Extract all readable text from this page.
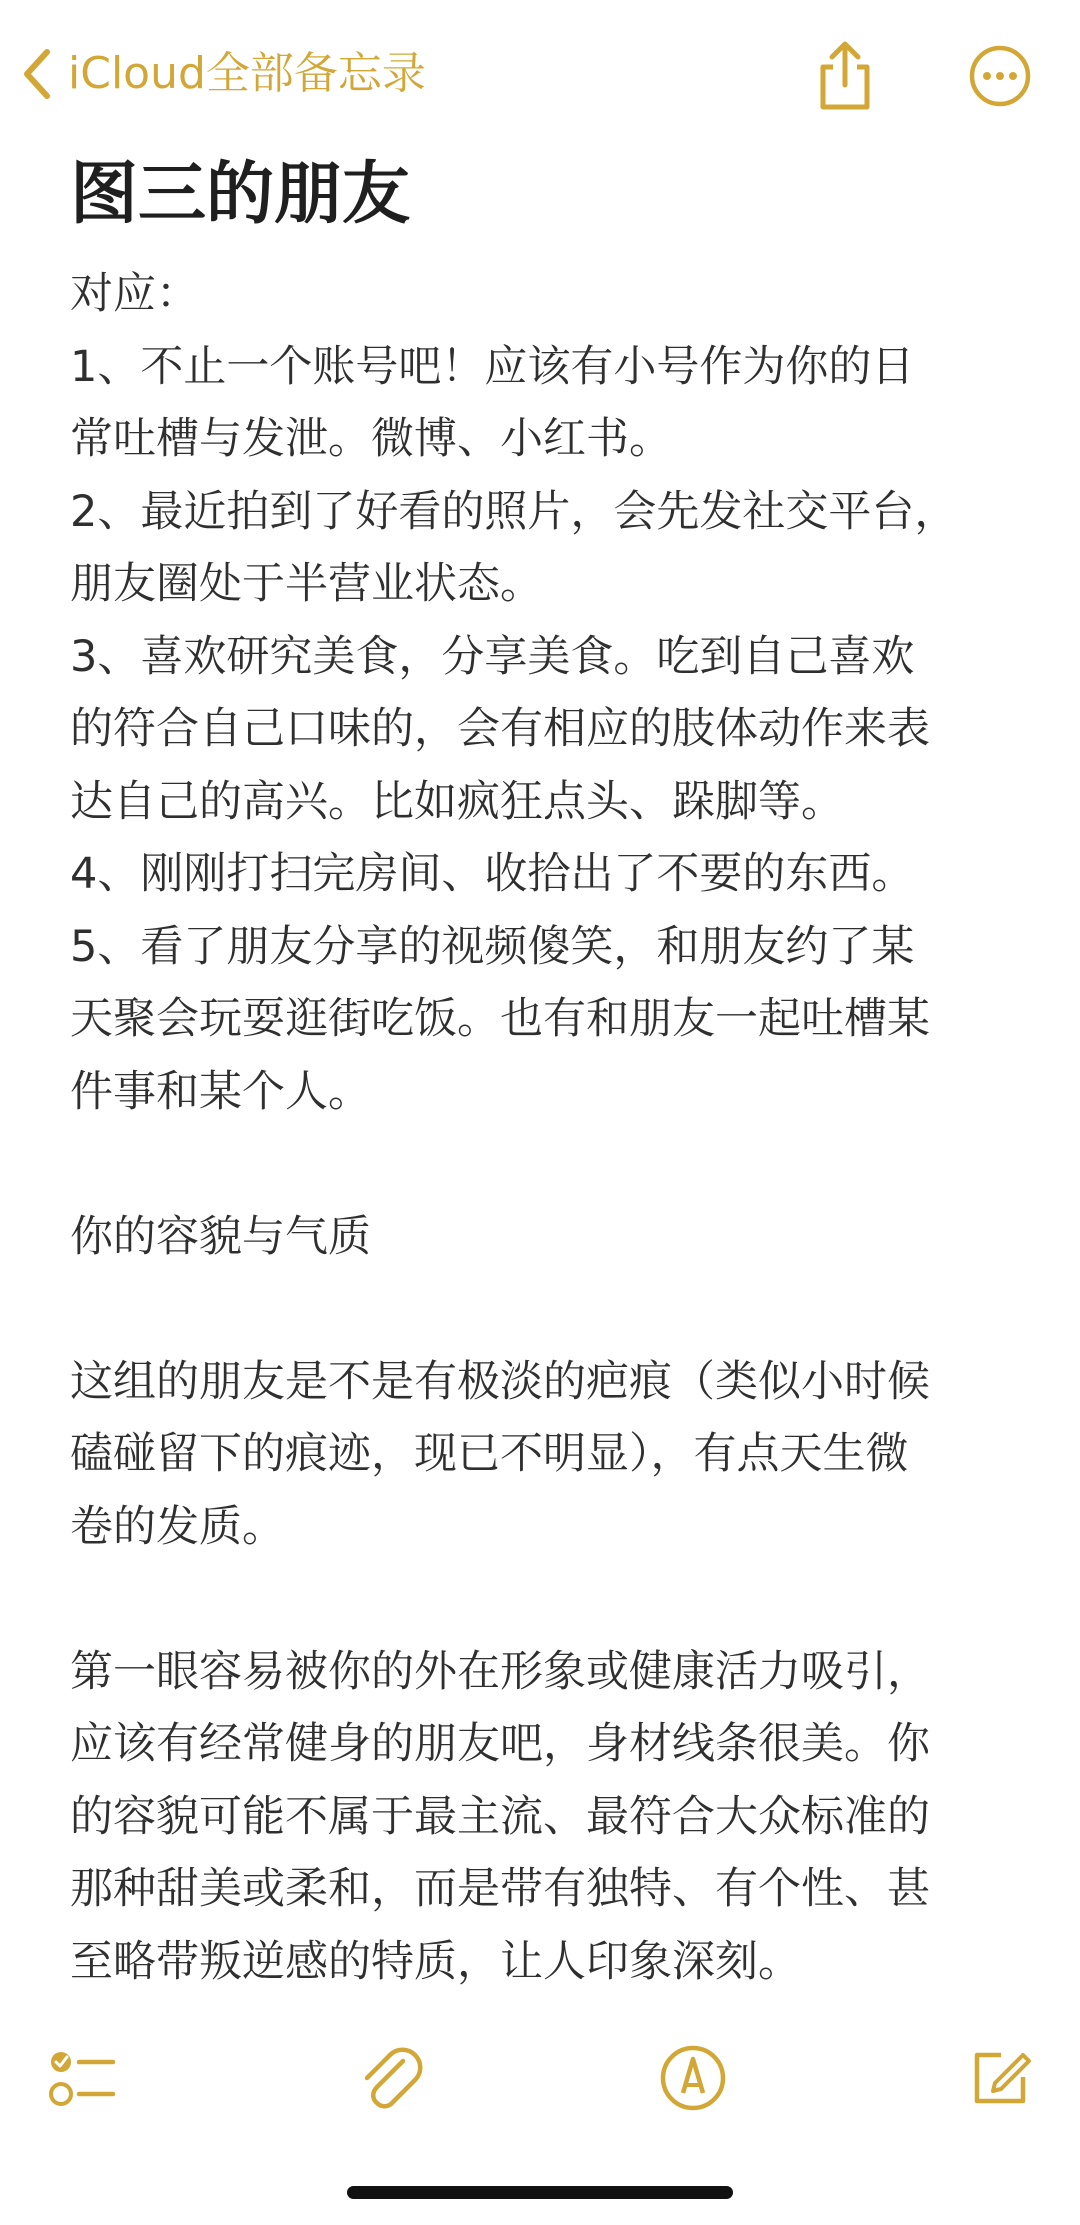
iCloud全部备忘录
图三的朋友
对应：
1、不止一个账号吧！应该有小号作为你的日
常吐槽与发泄。微博、小红书。
2、最近拍到了好看的照片，会先发社交平台，
朋友圈处于半营业状态。
3、喜欢研究美食，分享美食。吃到自己喜欢
的符合自己口味的，会有相应的肢体动作来表
达自己的高兴。比如疯狂点头、跺脚等。
4、刚刚打扫完房间、收拾出了不要的东西。
5、看了朋友分享的视频傻笑，和朋友约了某
天聚会玩耍逛街吃饭。也有和朋友一起吐槽某
件事和某个人。
你的容貌与气质
这组的朋友是不是有极淡的疤痕（类似小时候
磕碰留下的痕迹，现已不明显），有点天生微
卷的发质。
第一眼容易被你的外在形象或健康活力吸引，
应该有经常健身的朋友吧，身材线条很美。你
的容貌可能不属于最主流、最符合大众标准的
那种甜美或柔和，而是带有独特、有个性、甚
至略带叛逆感的特质，让人印象深刻。
